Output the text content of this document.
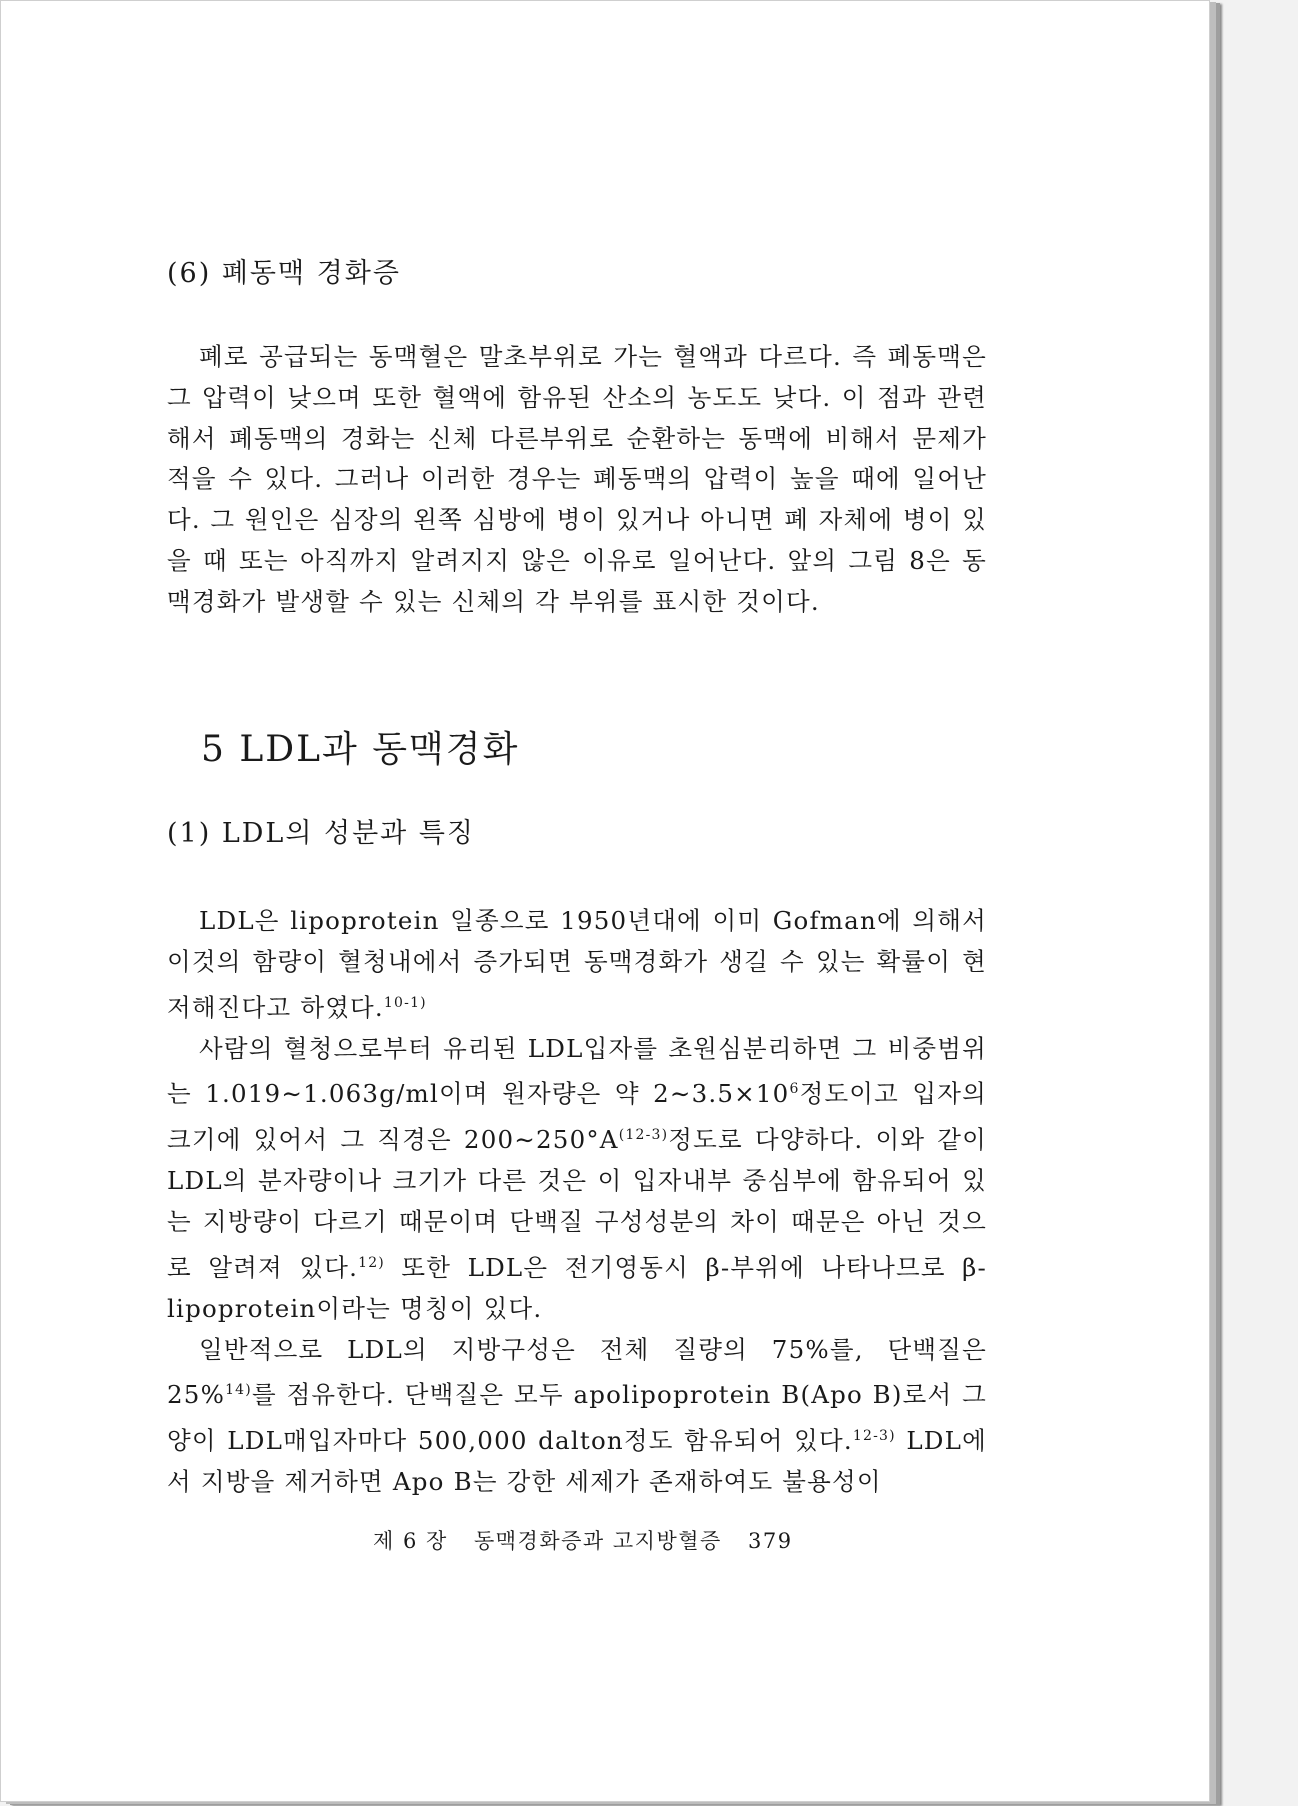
(6) 폐동맥 경화증

폐로 공급되는 동맥혈은 말초부위로 가는 혈액과 다르다. 즉 폐동맥은 그 압력이 낮으며 또한 혈액에 함유된 산소의 농도도 낮다. 이 점과 관련해서 폐동맥의 경화는 신체 다른부위로 순환하는 동맥에 비해서 문제가 적을 수 있다. 그러나 이러한 경우는 폐동맥의 압력이 높을 때에 일어난다. 그 원인은 심장의 왼쪽 심방에 병이 있거나 아니면 폐 자체에 병이 있을 때 또는 아직까지 알려지지 않은 이유로 일어난다. 앞의 그림 8은 동맥경화가 발생할 수 있는 신체의 각 부위를 표시한 것이다.

5 LDL과 동맥경화
(1) LDL의 성분과 특징

LDL은 lipoprotein 일종으로 1950년대에 이미 Gofman에 의해서 이것의 함량이 혈청내에서 증가되면 동맥경화가 생길 수 있는 확률이 현저해진다고 하였다.$^{10-1)}$

사람의 혈청으로부터 유리된 LDL입자를 초원심분리하면 그 비중범위는 1.019∼1.063g/ml이며 원자량은 약 $2\sim 3.5\times 10^6$정도이고 입자의 크기에 있어서 그 직경은 $200\sim 250^\circ A^{(12-3)}$정도로 다양하다. 이와 같이 LDL의 분자량이나 크기가 다른 것은 이 입자내부 중심부에 함유되어 있는 지방량이 다르기 때문이며 단백질 구성성분의 차이 때문은 아닌 것으로 알려져 있다.$^{12)}$ 또한 LDL은 전기영동시 β-부위에 나타나므로 β-lipoprotein이라는 명칭이 있다.

일반적으로 LDL의 지방구성은 전체 질량의 75%를, 단백질은 25%$^{14)}$를 점유한다. 단백질은 모두 apolipoprotein B(Apo B)로서 그 양이 LDL매입자마다 500,000 dalton정도 함유되어 있다.$^{12-3)}$ LDL에서 지방을 제거하면 Apo B는 강한 세제가 존재하여도 불용성이

제 6 장 동맥경화증과 고지방혈증 379
